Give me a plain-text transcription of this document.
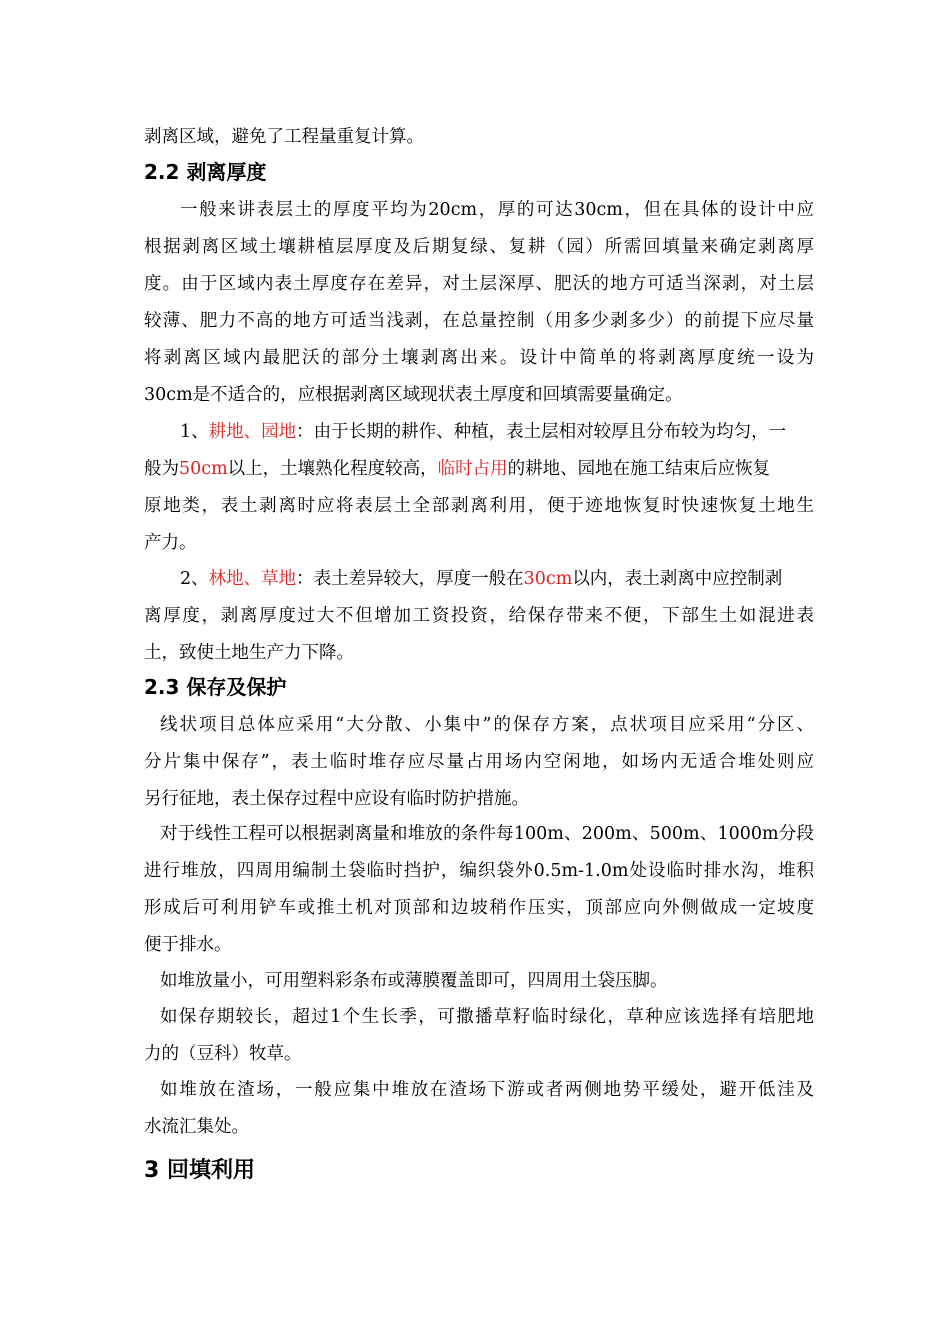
剥离区域，避免了工程量重复计算。
2.2 剥离厚度
一般来讲表层土的厚度平均为20cm，厚的可达30cm，但在具体的设计中应
根据剥离区域土壤耕植层厚度及后期复绿、复耕（园）所需回填量来确定剥离厚
度。由于区域内表土厚度存在差异，对土层深厚、肥沃的地方可适当深剥，对土层
较薄、肥力不高的地方可适当浅剥，在总量控制（用多少剥多少）的前提下应尽量
将剥离区域内最肥沃的部分土壤剥离出来。设计中简单的将剥离厚度统一设为
30cm是不适合的，应根据剥离区域现状表土厚度和回填需要量确定。
1、耕地、园地：由于长期的耕作、种植，表土层相对较厚且分布较为均匀，一
般为50cm以上，土壤熟化程度较高，临时占用的耕地、园地在施工结束后应恢复
原地类，表土剥离时应将表层土全部剥离利用，便于迹地恢复时快速恢复土地生
产力。
2、林地、草地：表土差异较大，厚度一般在30cm以内，表土剥离中应控制剥
离厚度，剥离厚度过大不但增加工资投资，给保存带来不便，下部生土如混进表
土，致使土地生产力下降。
2.3 保存及保护
线状项目总体应采用“大分散、小集中”的保存方案，点状项目应采用“分区、
分片集中保存”，表土临时堆存应尽量占用场内空闲地，如场内无适合堆处则应
另行征地，表土保存过程中应设有临时防护措施。
对于线性工程可以根据剥离量和堆放的条件每100m、200m、500m、1000m分段
进行堆放，四周用编制土袋临时挡护，编织袋外0.5m-1.0m处设临时排水沟，堆积
形成后可利用铲车或推土机对顶部和边坡稍作压实，顶部应向外侧做成一定坡度
便于排水。
如堆放量小，可用塑料彩条布或薄膜覆盖即可，四周用土袋压脚。
如保存期较长，超过1个生长季，可撒播草籽临时绿化，草种应该选择有培肥地
力的（豆科）牧草。
如堆放在渣场，一般应集中堆放在渣场下游或者两侧地势平缓处，避开低洼及
水流汇集处。
3 回填利用
